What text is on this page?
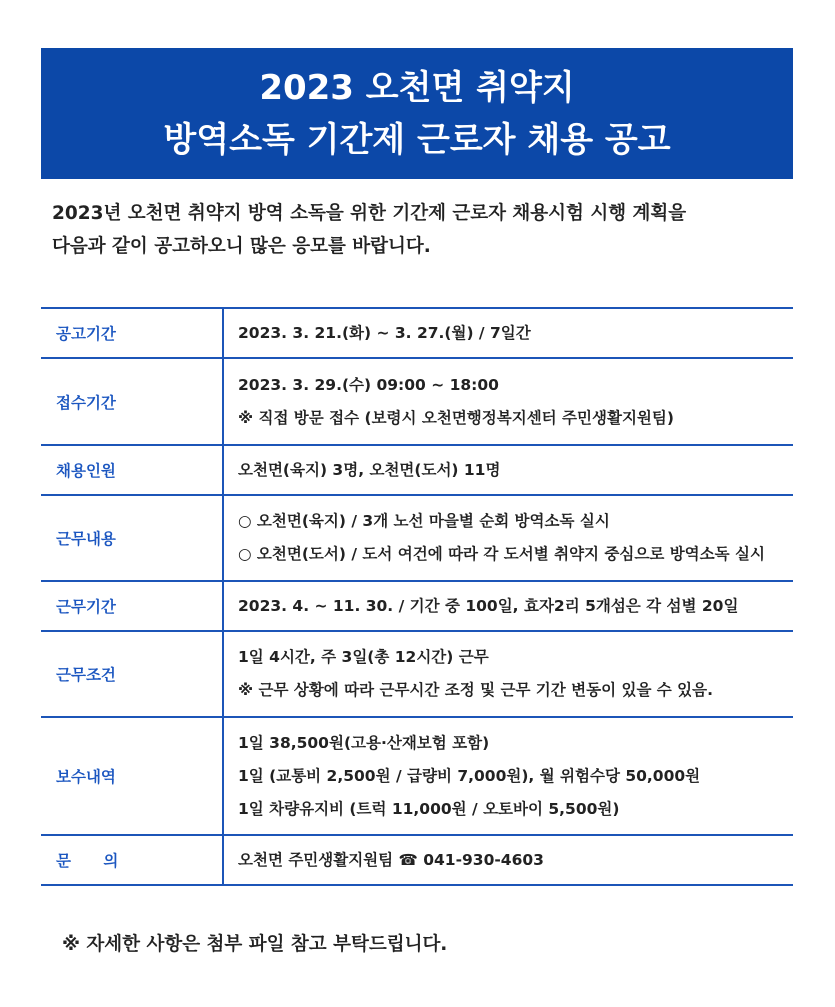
2023 오천면 취약지
방역소독 기간제 근로자 채용 공고
2023년 오천면 취약지 방역 소독을 위한 기간제 근로자 채용시험 시행 계획을
다음과 같이 공고하오니 많은 응모를 바랍니다.
공고기간	2023. 3. 21.(화) ~ 3. 27.(월) / 7일간

접수기간	2023. 3. 29.(수) 09:00 ~ 18:00
※ 직접 방문 접수 (보령시 오천면행정복지센터 주민생활지원팀)

채용인원	오천면(육지) 3명, 오천면(도서) 11명

근무내용	○ 오천면(육지) / 3개 노선 마을별 순회 방역소독 실시
○ 오천면(도서) / 도서 여건에 따라 각 도서별 취약지 중심으로 방역소독 실시

근무기간	2023. 4. ~ 11. 30. / 기간 중 100일, 효자2리 5개섬은 각 섬별 20일

근무조건	1일 4시간, 주 3일(총 12시간) 근무
※ 근무 상황에 따라 근무시간 조정 및 근무 기간 변동이 있을 수 있음.

보수내역	1일 38,500원(고용·산재보험 포함)
1일 (교통비 2,500원 / 급량비 7,000원), 월 위험수당 50,000원
1일 차량유지비 (트럭 11,000원 / 오토바이 5,500원)

문      의	오천면 주민생활지원팀 ☎ 041-930-4603
※ 자세한 사항은 첨부 파일 참고 부탁드립니다.
